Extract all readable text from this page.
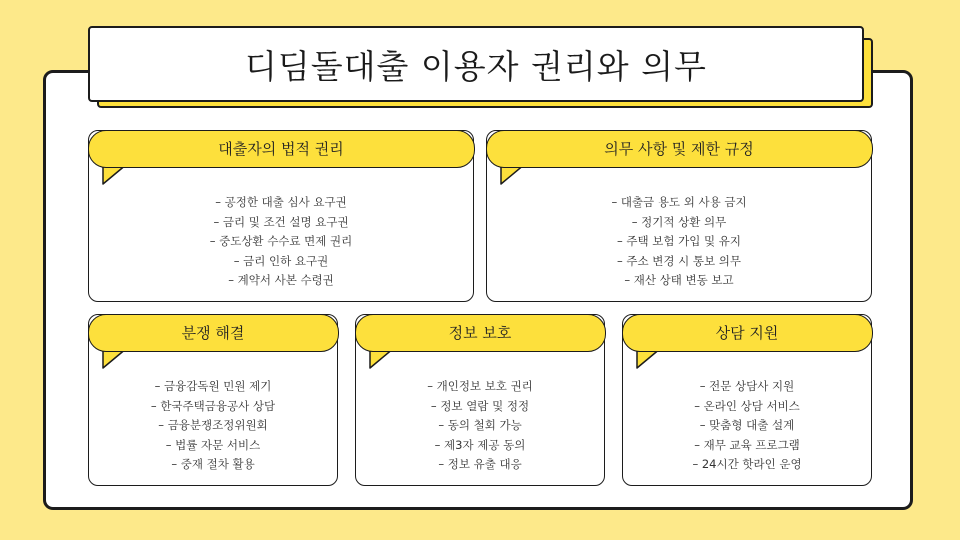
디딤돌대출 이용자 권리와 의무
대출자의 법적 권리
– 공정한 대출 심사 요구권
– 금리 및 조건 설명 요구권
– 중도상환 수수료 면제 권리
– 금리 인하 요구권
– 계약서 사본 수령권
의무 사항 및 제한 규정
– 대출금 용도 외 사용 금지
– 정기적 상환 의무
– 주택 보험 가입 및 유지
– 주소 변경 시 통보 의무
– 재산 상태 변동 보고
분쟁 해결
– 금융감독원 민원 제기
– 한국주택금융공사 상담
– 금융분쟁조정위원회
– 법률 자문 서비스
– 중재 절차 활용
정보 보호
– 개인정보 보호 권리
– 정보 열람 및 정정
– 동의 철회 가능
– 제3자 제공 동의
– 정보 유출 대응
상담 지원
– 전문 상담사 지원
– 온라인 상담 서비스
– 맞춤형 대출 설계
– 재무 교육 프로그램
– 24시간 핫라인 운영
